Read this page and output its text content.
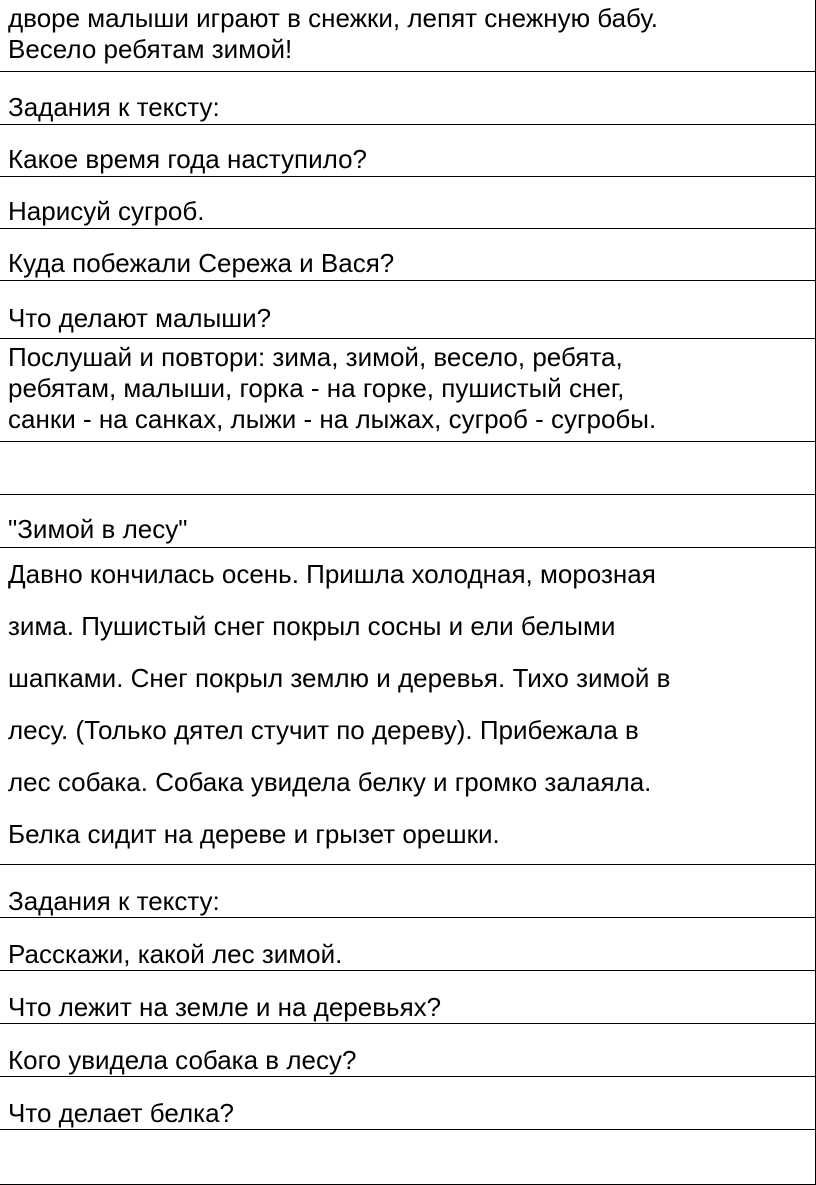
дворе малыши играют в снежки, лепят снежную бабу.
Весело ребятам зимой!
Задания к тексту:
Какое время года наступило?
Нарисуй сугроб.
Куда побежали Сережа и Вася?
Что делают малыши?
Послушай и повтори: зима, зимой, весело, ребята,
ребятам, малыши, горка - на горке, пушистый снег,
санки - на санках, лыжи - на лыжах, сугроб - сугробы.
"Зимой в лесу"
Давно кончилась осень. Пришла холодная, морозная
зима. Пушистый снег покрыл сосны и ели белыми
шапками. Снег покрыл землю и деревья. Тихо зимой в
лесу. (Только дятел стучит по дереву). Прибежала в
лес собака. Собака увидела белку и громко залаяла.
Белка сидит на дереве и грызет орешки.
Задания к тексту:
Расскажи, какой лес зимой.
Что лежит на земле и на деревьях?
Кого увидела собака в лесу?
Что делает белка?
